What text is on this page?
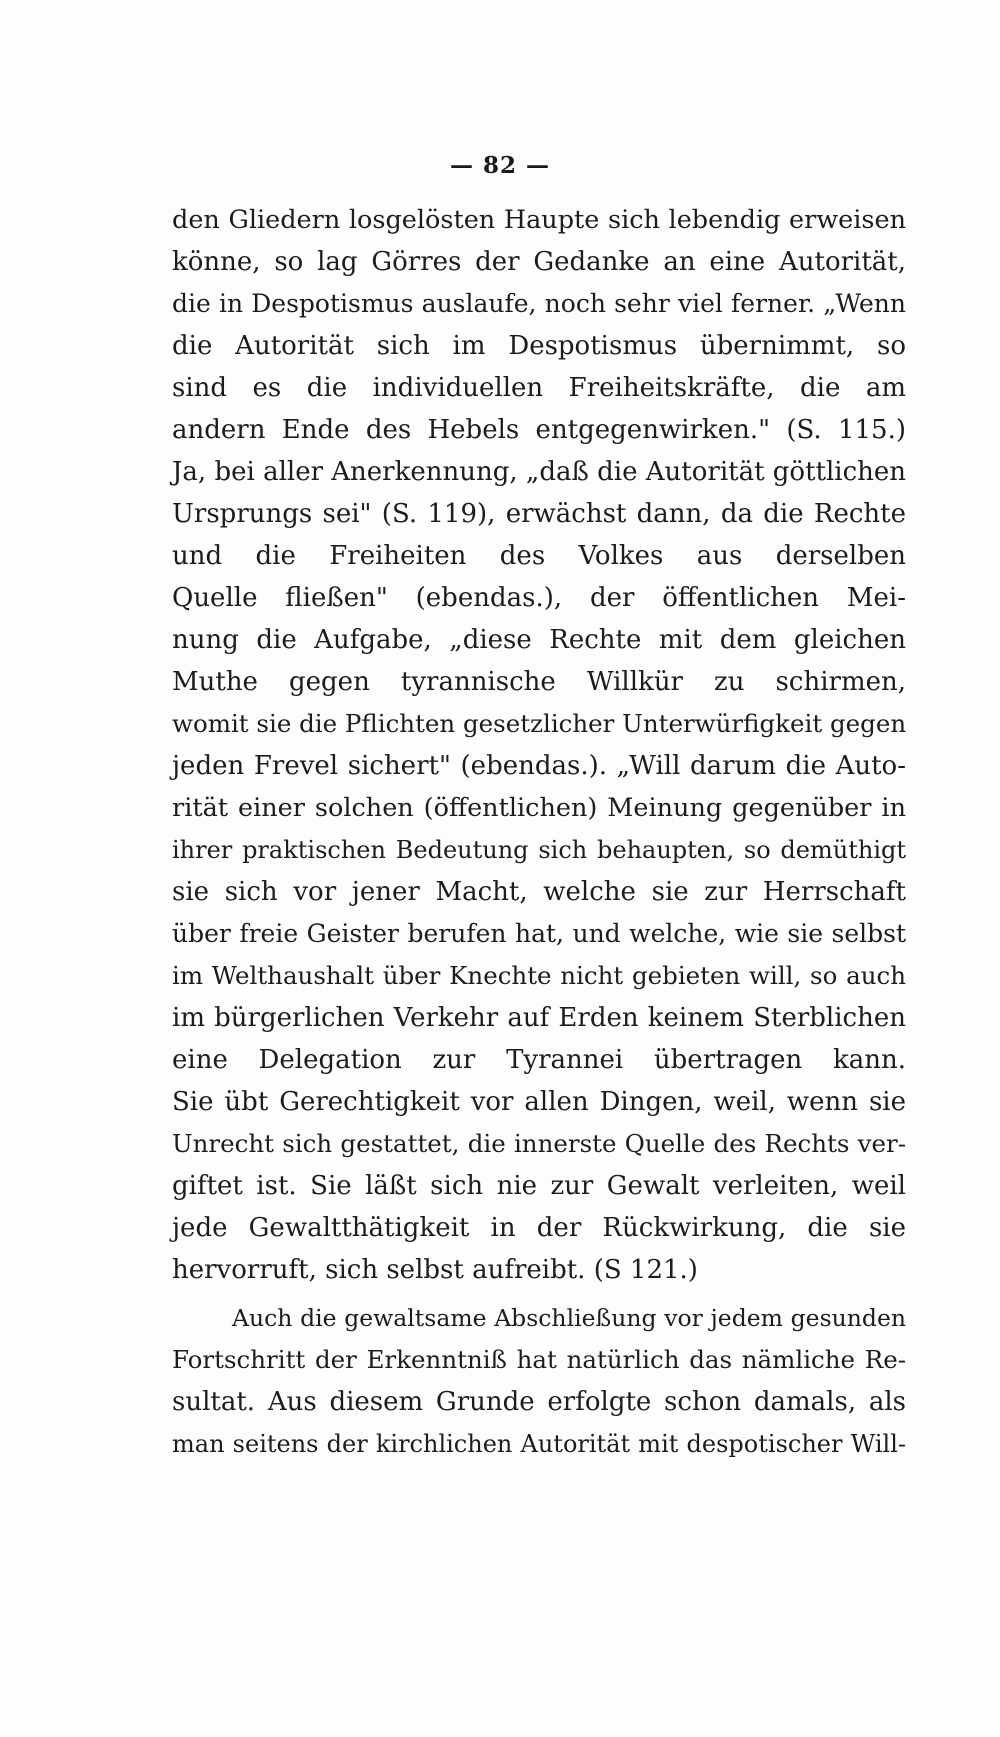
— 82 —
den Gliedern losgelösten Haupte sich lebendig erweisen
könne, so lag Görres der Gedanke an eine Autorität,
die in Despotismus auslaufe, noch sehr viel ferner. „Wenn
die Autorität sich im Despotismus übernimmt, so
sind es die individuellen Freiheitskräfte, die am
andern Ende des Hebels entgegenwirken." (S. 115.)
Ja, bei aller Anerkennung, „daß die Autorität göttlichen
Ursprungs sei" (S. 119), erwächst dann, da die Rechte
und die Freiheiten des Volkes aus derselben
Quelle fließen" (ebendas.), der öffentlichen Mei-
nung die Aufgabe, „diese Rechte mit dem gleichen
Muthe gegen tyrannische Willkür zu schirmen,
womit sie die Pflichten gesetzlicher Unterwürfigkeit gegen
jeden Frevel sichert" (ebendas.). „Will darum die Auto-
rität einer solchen (öffentlichen) Meinung gegenüber in
ihrer praktischen Bedeutung sich behaupten, so demüthigt
sie sich vor jener Macht, welche sie zur Herrschaft
über freie Geister berufen hat, und welche, wie sie selbst
im Welthaushalt über Knechte nicht gebieten will, so auch
im bürgerlichen Verkehr auf Erden keinem Sterblichen
eine Delegation zur Tyrannei übertragen kann.
Sie übt Gerechtigkeit vor allen Dingen, weil, wenn sie
Unrecht sich gestattet, die innerste Quelle des Rechts ver-
giftet ist. Sie läßt sich nie zur Gewalt verleiten, weil
jede Gewaltthätigkeit in der Rückwirkung, die sie
hervorruft, sich selbst aufreibt. (S 121.)
Auch die gewaltsame Abschließung vor jedem gesunden
Fortschritt der Erkenntniß hat natürlich das nämliche Re-
sultat. Aus diesem Grunde erfolgte schon damals, als
man seitens der kirchlichen Autorität mit despotischer Will-
